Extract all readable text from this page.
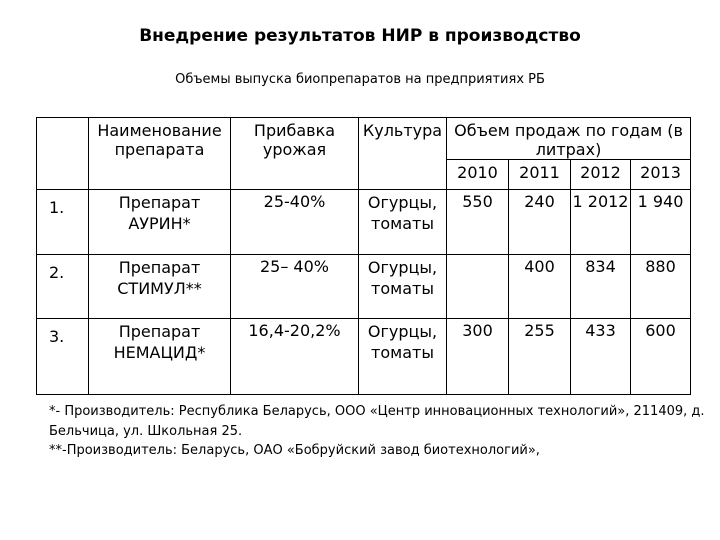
Внедрение результатов НИР в производство
Объемы выпуска биопрепаратов на предприятиях РБ
	Наименование препарата	Прибавка урожая	Культура	Объем продаж по годам (в литрах)			
				2010	2011	2012	2013
1.	Препарат АУРИН*	25-40%	Огурцы, томаты	550	240	1 2012	1 940
2.	Препарат СТИМУЛ**	25– 40%	Огурцы, томаты		400	834	880
3.	Препарат НЕМАЦИД*	16,4-20,2%	Огурцы, томаты	300	255	433	600
*- Производитель: Республика Беларусь, ООО «Центр инновационных технологий», 211409, д. Бельчица, ул. Школьная 25.
**-Производитель: Беларусь, ОАО «Бобруйский завод биотехнологий»,
